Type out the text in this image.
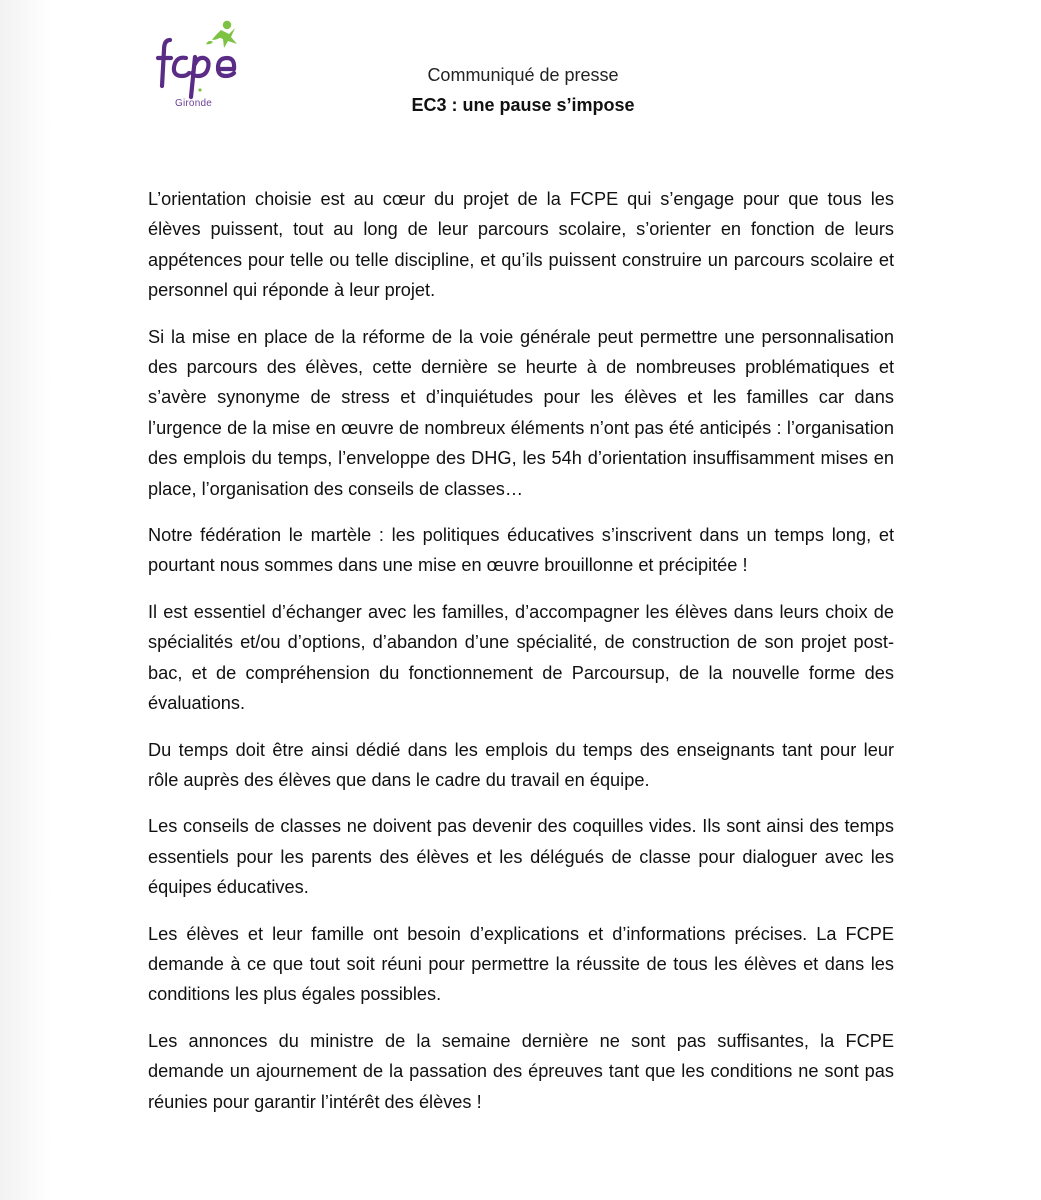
Gironde
Communiqué de presse
EC3 : une pause s’impose

L’orientation choisie est au cœur du projet de la FCPE qui s’engage pour que tous les élèves puissent, tout au long de leur parcours scolaire, s’orienter en fonction de leurs appétences pour telle ou telle discipline, et qu’ils puissent construire un parcours scolaire et personnel qui réponde à leur projet.

Si la mise en place de la réforme de la voie générale peut permettre une personnalisation des parcours des élèves, cette dernière se heurte à de nombreuses problématiques et s’avère synonyme de stress et d’inquiétudes pour les élèves et les familles car dans l’urgence de la mise en œuvre de nombreux éléments n’ont pas été anticipés : l’organisation des emplois du temps, l’enveloppe des DHG, les 54h d’orientation insuffisamment mises en place, l’organisation des conseils de classes…

Notre fédération le martèle : les politiques éducatives s’inscrivent dans un temps long, et pourtant nous sommes dans une mise en œuvre brouillonne et précipitée !

Il est essentiel d’échanger avec les familles, d’accompagner les élèves dans leurs choix de spécialités et/ou d’options, d’abandon d’une spécialité, de construction de son projet post-bac, et de compréhension du fonctionnement de Parcoursup, de la nouvelle forme des évaluations.

Du temps doit être ainsi dédié dans les emplois du temps des enseignants tant pour leur rôle auprès des élèves que dans le cadre du travail en équipe.

Les conseils de classes ne doivent pas devenir des coquilles vides. Ils sont ainsi des temps essentiels pour les parents des élèves et les délégués de classe pour dialoguer avec les équipes éducatives.

Les élèves et leur famille ont besoin d’explications et d’informations précises. La FCPE demande à ce que tout soit réuni pour permettre la réussite de tous les élèves et dans les conditions les plus égales possibles.

Les annonces du ministre de la semaine dernière ne sont pas suffisantes, la FCPE demande un ajournement de la passation des épreuves tant que les conditions ne sont pas réunies pour garantir l’intérêt des élèves !
